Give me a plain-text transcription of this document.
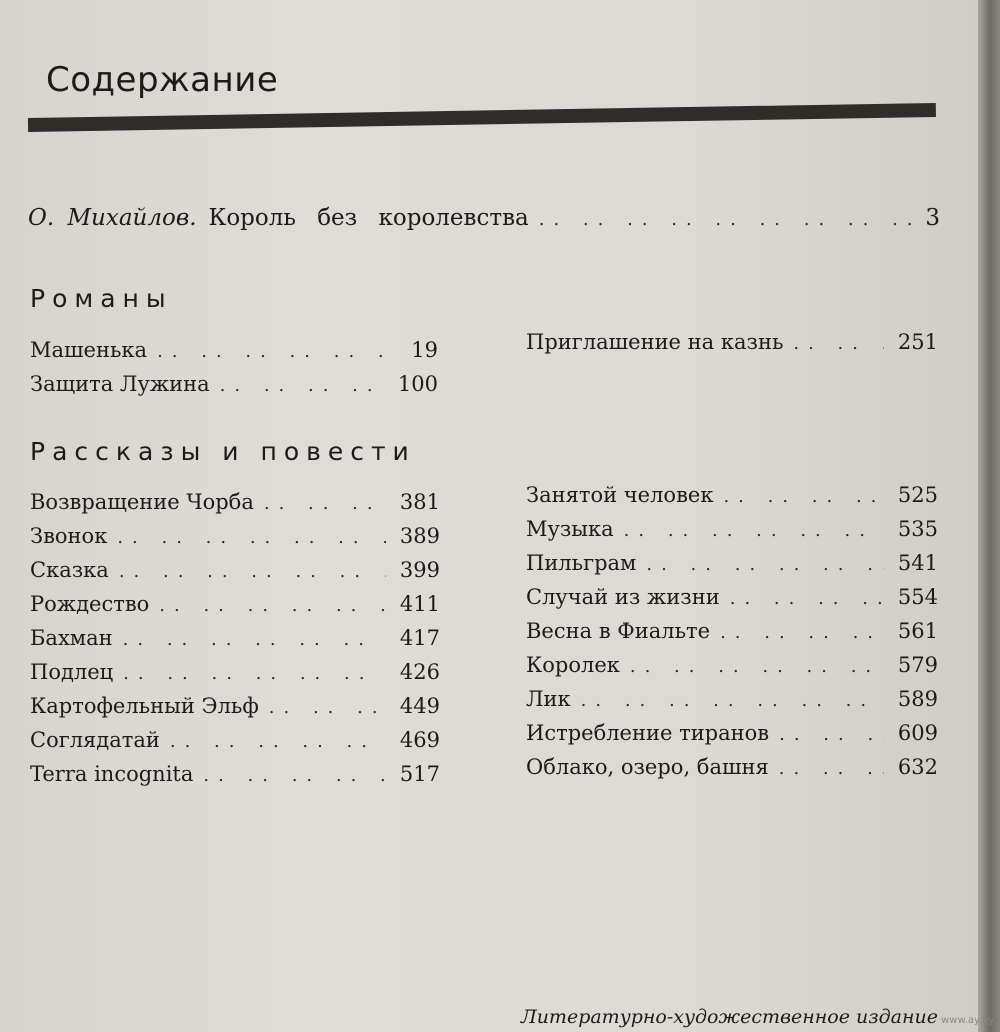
Содержание
О. Михайлов. Король без королевства .. ..	3
Романы
Машенька .. ..	19
Защита Лужина .. ..	100
Приглашение на казнь .. ..	251
Рассказы и повести
Возвращение Чорба .. ..	381
Звонок .. ..	389
Сказка .. ..	399
Рождество .. ..	411
Бахман .. ..	417
Подлец .. ..	426
Картофельный Эльф .. ..	449
Соглядатай .. ..	469
Terra incognita .. ..	517
Занятой человек .. ..	525
Музыка .. ..	535
Пильграм .. ..	541
Случай из жизни .. ..	554
Весна в Фиальте .. ..	561
Королек .. ..	579
Лик .. ..	589
Истребление тиранов .. ..	609
Облако, озеро, башня .. ..	632
Литературно-художественное издание www.ay.by
